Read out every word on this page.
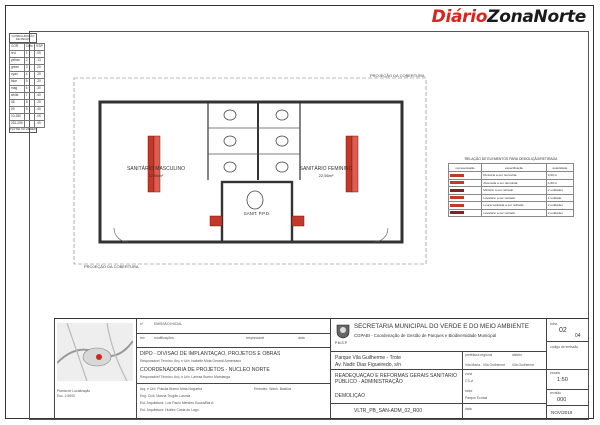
DiárioZonaNorte
CONFIGURAÇÃO DE PENAS
COR	CAN.	ESP.
red	1	.09
yellow	2	.13
green	3	.20
cyan	4	.25
blue	5	.20
mag	6	.30
white	7	.40
08	8	.25
09	9	.40
10-250		.05
251-255		.09
PLOTAR NO VIEWER
SANITÁRIO MASCULINO
22,56m²
SANITÁRIO FEMININO
22,56m²
SANIT. P.P.D.
PROJEÇÃO DA COBERTURA
PROJEÇÃO DA COBERTURA
RELAÇÃO DE ELEMENTOS PARA DEMOLIÇÃO/RETIRADA
representação	especificação	quantidade
	Divisória a ser removida	9,60 m
	Alvenaria a ser demolida	4,80 m
	Mictório a ser retirado	2 unidades
	Lavatório a ser retirado	1 unidade
	Louça sanitária a ser retirada	2 unidades
	Lavatório a ser retirado	2 unidades
Planta de Localização
Esc. 1:5000
nº	EMISSÃO INICIAL
rev	modificações	responsável	data
DIPO - DIVISÃO DE IMPLANTAÇÃO, PROJETOS E OBRAS
Responsável Técnico: Arq. e Urb. Isabelle Mota Gerardi Armentano
COORDENADORIA DE PROJETOS - NÚCLEO NORTE
Responsável Técnico: Arq. e Urb. Larissa Bueno Mandanga
Arq. e Urb. Priscila Bueno Mota Nogueira
Eng. Civil. Marcia Trugillo Larzola
Est. Arquitetura: Luiz Paulo Mendes Souza/Bla A.
Est. Arquitetura: Hudlex Costa do Lago
Eletrotéc. Wash. Basilius
P.M.S.P.
SECRETARIA MUNICIPAL DO VERDE E DO MEIO AMBIENTE
CGPABI - Coordenação de Gestão de Parques e Biodiversidade Municipal
Parque Vila Guilherme - Trote
Av. Nadir Dias Figueiredo, s/n
READEQUAÇÃO E REFORMAS GERAIS SANITÁRIO PÚBLICO - ADMINISTRAÇÃO
DEMOLIÇÃO
VLTR_PB_SAN-ADM_02_R00
prefeitura regional
Vila Maria - Vila Guilherme
distrito
Vila Guilherme
zona
CS-vf
setor
Parque Ecobai
data
folha
02
04
código de emissão
escala
1:50
revisão
000
NOV/2019
